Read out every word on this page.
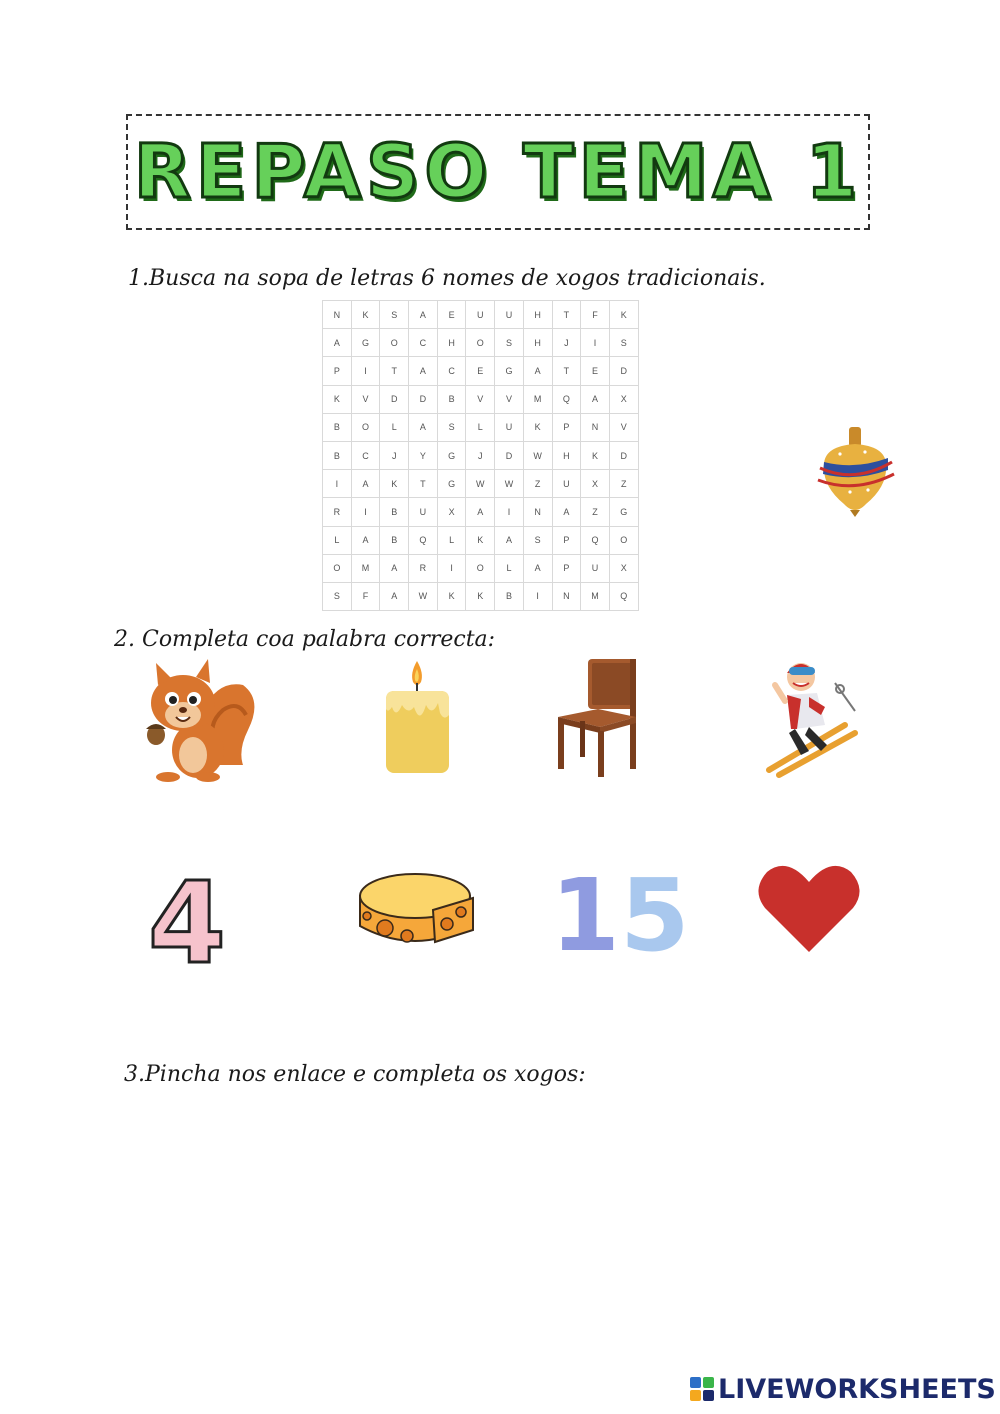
REPASO TEMA 1
1.Busca na sopa de letras 6 nomes de xogos tradicionais.
N	K	S	A	E	U	U	H	T	F	K
A	G	O	C	H	O	S	H	J	I	S
P	I	T	A	C	E	G	A	T	E	D
K	V	D	D	B	V	V	M	Q	A	X
B	O	L	A	S	L	U	K	P	N	V
B	C	J	Y	G	J	D	W	H	K	D
I	A	K	T	G	W	W	Z	U	X	Z
R	I	B	U	X	A	I	N	A	Z	G
L	A	B	Q	L	K	A	S	P	Q	O
O	M	A	R	I	O	L	A	P	U	X
S	F	A	W	K	K	B	I	N	M	Q
2. Completa coa palabra correcta:
4	15
3.Pincha nos enlace e completa os xogos:
LIVEWORKSHEETS
